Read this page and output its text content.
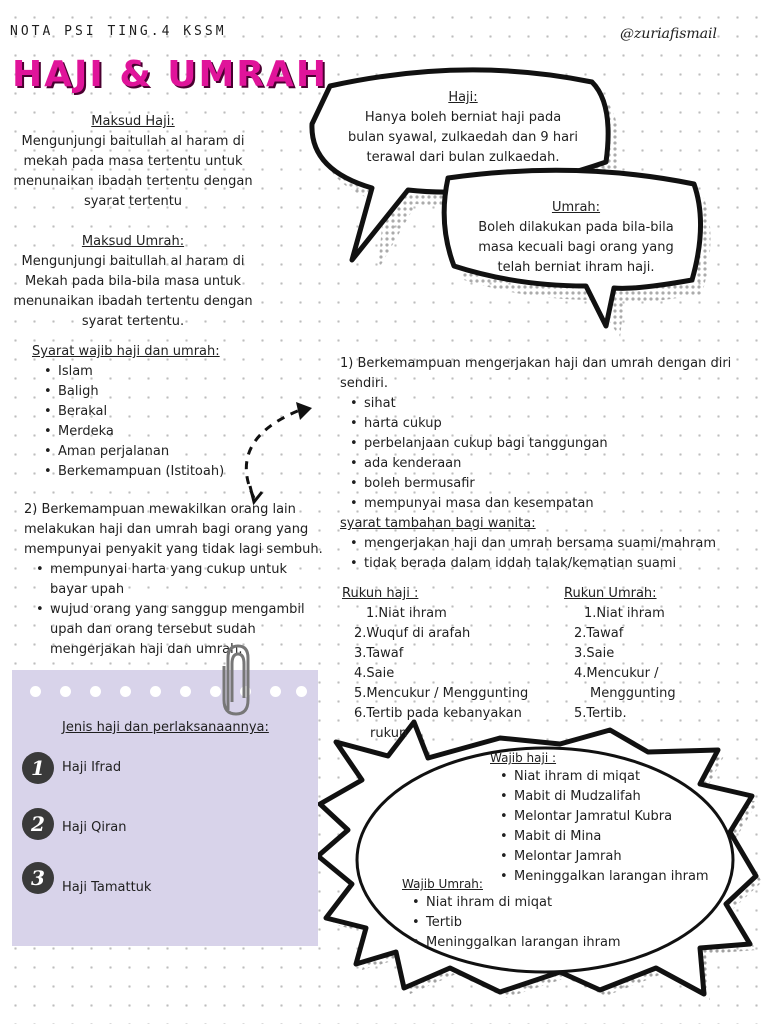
NOTA PSI TING.4 KSSM	@zuriafismail
HAJI & UMRAH
Maksud Haji:
Mengunjungi baitullah al haram di
mekah pada masa tertentu untuk
menunaikan ibadah tertentu dengan
syarat tertentu
Maksud Umrah:
Mengunjungi baitullah al haram di
Mekah pada bila-bila masa untuk
menunaikan ibadah tertentu dengan
syarat tertentu.
Haji:
Hanya boleh berniat haji pada
bulan syawal, zulkaedah dan 9 hari
terawal dari bulan zulkaedah.
Umrah:
Boleh dilakukan pada bila-bila
masa kecuali bagi orang yang
telah berniat ihram haji.
Syarat wajib haji dan umrah:
• Islam
• Baligh
• Berakal
• Merdeka
• Aman perjalanan
• Berkemampuan (Istitoah)
1) Berkemampuan mengerjakan haji dan umrah dengan diri
sendiri.
• sihat
• harta cukup
• perbelanjaan cukup bagi tanggungan
• ada kenderaan
• boleh bermusafir
• mempunyai masa dan kesempatan
syarat tambahan bagi wanita:
• mengerjakan haji dan umrah bersama suami/mahram
• tidak berada dalam iddah talak/kematian suami
2) Berkemampuan mewakilkan orang lain
melakukan haji dan umrah bagi orang yang
mempunyai penyakit yang tidak lagi sembuh.
• mempunyai harta yang cukup untuk
bayar upah
• wujud orang yang sanggup mengambil
upah dan orang tersebut sudah
mengerjakan haji dan umrah.
Rukun haji :
1.Niat ihram
2.Wuquf di arafah
3.Tawaf
4.Saie
5.Mencukur / Menggunting
6.Tertib pada kebanyakan
rukun
Rukun Umrah:
1.Niat ihram
2.Tawaf
3.Saie
4.Mencukur /
Menggunting
5.Tertib.
Jenis haji dan perlaksanaannya:
1	Haji Ifrad
2	Haji Qiran
3	Haji Tamattuk
Wajib haji :
• Niat ihram di miqat
• Mabit di Mudzalifah
• Melontar Jamratul Kubra
• Mabit di Mina
• Melontar Jamrah
• Meninggalkan larangan ihram
Wajib Umrah:
• Niat ihram di miqat
• Tertib
• Meninggalkan larangan ihram
